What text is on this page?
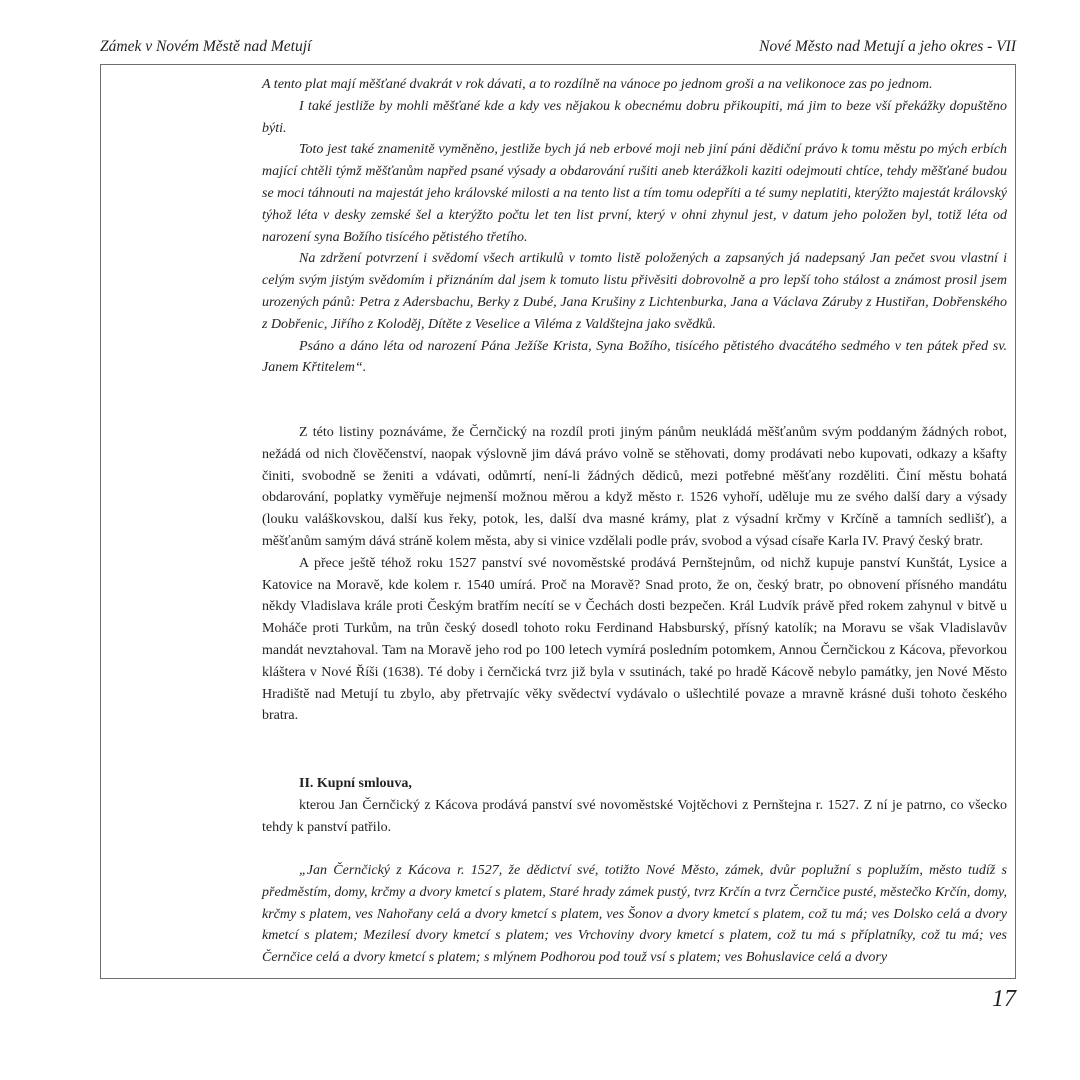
Zámek v Novém Městě nad Metují	Nové Město nad Metují a jeho okres - VII

A tento plat mají měšťané dvakrát v rok dávati, a to rozdílně na vánoce po jednom groši a na velikonoce zas po jednom.

I také jestliže by mohli měšťané kde a kdy ves nějakou k obecnému dobru přikoupiti, má jim to beze vší překážky dopuštěno býti.

Toto jest také znamenitě vyměněno, jestliže bych já neb erbové moji neb jiní páni dědiční právo k tomu městu po mých erbích mající chtěli týmž měšťanům napřed psané výsady a obdarování rušiti aneb kterážkoli kaziti odejmouti chtíce, tehdy měšťané budou se moci táhnouti na majestát jeho královské milosti a na tento list a tím tomu odepříti a té sumy neplatiti, kterýžto majestát královský týhož léta v desky zemské šel a kterýžto počtu let ten list první, který v ohni zhynul jest, v datum jeho položen byl, totiž léta od narození syna Božího tisícého pětistého třetího.

Na zdržení potvrzení i svědomí všech artikulů v tomto listě položených a zapsaných já nadepsaný Jan pečet svou vlastní i celým svým jistým svědomím i přiznáním dal jsem k tomuto listu přivěsiti dobrovolně a pro lepší toho stálost a známost prosil jsem urozených pánů: Petra z Adersbachu, Berky z Dubé, Jana Krušiny z Lichtenburka, Jana a Václava Záruby z Hustiřan, Dobřenského z Dobřenic, Jiřího z Koloděj, Dítěte z Veselice a Viléma z Valdštejna jako svědků.

Psáno a dáno léta od narození Pána Ježíše Krista, Syna Božího, tisícého pětistého dvacátého sedmého v ten pátek před sv. Janem Křtitelem“.

Z této listiny poznáváme, že Černčický na rozdíl proti jiným pánům neukládá měšťanům svým poddaným žádných robot, nežádá od nich člověčenství, naopak výslovně jim dává právo volně se stěhovati, domy prodávati nebo kupovati, odkazy a kšafty činiti, svobodně se ženiti a vdávati, odůmrtí, není-li žádných dědiců, mezi potřebné měšťany rozděliti. Činí městu bohatá obdarování, poplatky vyměřuje nejmenší možnou měrou a když město r. 1526 vyhoří, uděluje mu ze svého další dary a výsady (louku valáškovskou, další kus řeky, potok, les, další dva masné krámy, plat z výsadní krčmy v Krčíně a tamních sedlišť), a měšťanům samým dává stráně kolem města, aby si vinice vzdělali podle práv, svobod a výsad císaře Karla IV. Pravý český bratr.

A přece ještě téhož roku 1527 panství své novoměstské prodává Pernštejnům, od nichž kupuje panství Kunštát, Lysice a Katovice na Moravě, kde kolem r. 1540 umírá. Proč na Moravě? Snad proto, že on, český bratr, po obnovení přísného mandátu někdy Vladislava krále proti Českým bratřím necítí se v Čechách dosti bezpečen. Král Ludvík právě před rokem zahynul v bitvě u Moháče proti Turkům, na trůn český dosedl tohoto roku Ferdinand Habsburský, přísný katolík; na Moravu se však Vladislavův mandát nevztahoval. Tam na Moravě jeho rod po 100 letech vymírá posledním potomkem, Annou Černčickou z Kácova, převorkou kláštera v Nové Říši (1638). Té doby i černčická tvrz již byla v ssutinách, také po hradě Kácově nebylo památky, jen Nové Město Hradiště nad Metují tu zbylo, aby přetrvajíc věky svědectví vydávalo o ušlechtilé povaze a mravně krásné duši tohoto českého bratra.

II. Kupní smlouva,

kterou Jan Černčický z Kácova prodává panství své novoměstské Vojtěchovi z Pernštejna r. 1527. Z ní je patrno, co všecko tehdy k panství patřilo.

„Jan Černčický z Kácova r. 1527, že dědictví své, totižto Nové Město, zámek, dvůr poplužní s poplužím, město tudíž s předměstím, domy, krčmy a dvory kmetcí s platem, Staré hrady zámek pustý, tvrz Krčín a tvrz Černčice pusté, městečko Krčín, domy, krčmy s platem, ves Nahořany celá a dvory kmetcí s platem, ves Šonov a dvory kmetcí s platem, což tu má; ves Dolsko celá a dvory kmetcí s platem; Mezilesí dvory kmetcí s platem; ves Vrchoviny dvory kmetcí s platem, což tu má s příplatníky, což tu má; ves Černčice celá a dvory kmetcí s platem; s mlýnem Podhorou pod touž vsí s platem; ves Bohuslavice celá a dvory

17
